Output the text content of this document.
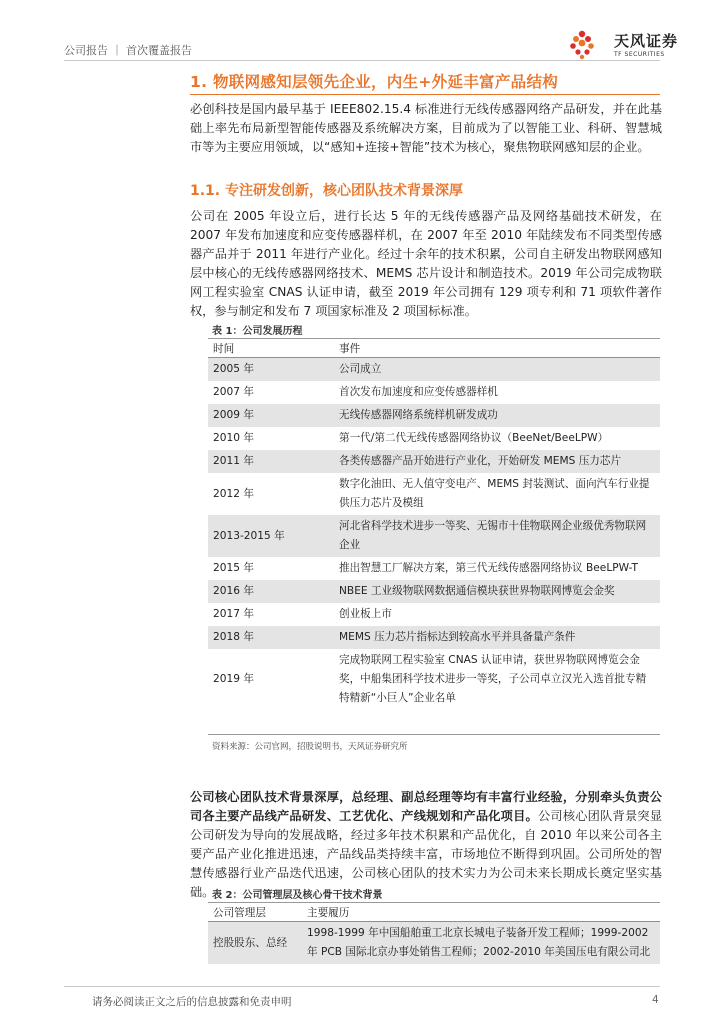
公司报告 ｜ 首次覆盖报告
天风证券
TF SECURITIES
1. 物联网感知层领先企业，内生+外延丰富产品结构

必创科技是国内最早基于 IEEE802.15.4 标准进行无线传感器网络产品研发，并在此基础上率先布局新型智能传感器及系统解决方案，目前成为了以智能工业、科研、智慧城市等为主要应用领域，以“感知+连接+智能”技术为核心，聚焦物联网感知层的企业。

1.1. 专注研发创新，核心团队技术背景深厚

公司在 2005 年设立后，进行长达 5 年的无线传感器产品及网络基础技术研发，在 2007 年发布加速度和应变传感器样机，在 2007 年至 2010 年陆续发布不同类型传感器产品并于 2011 年进行产业化。经过十余年的技术积累，公司自主研发出物联网感知层中核心的无线传感器网络技术、MEMS 芯片设计和制造技术。2019 年公司完成物联网工程实验室 CNAS 认证申请，截至 2019 年公司拥有 129 项专利和 71 项软件著作权，参与制定和发布 7 项国家标准及 2 项国标标准。

表 1：公司发展历程
时间	事件
2005 年	公司成立
2007 年	首次发布加速度和应变传感器样机
2009 年	无线传感器网络系统样机研发成功
2010 年	第一代/第二代无线传感器网络协议（BeeNet/BeeLPW）
2011 年	各类传感器产品开始进行产业化，开始研发 MEMS 压力芯片
2012 年	数字化油田、无人值守变电产、MEMS 封装测试、面向汽车行业提供压力芯片及模组
2013-2015 年	河北省科学技术进步一等奖、无锡市十佳物联网企业级优秀物联网企业
2015 年	推出智慧工厂解决方案，第三代无线传感器网络协议 BeeLPW-T
2016 年	NBEE 工业级物联网数据通信模块获世界物联网博览会金奖
2017 年	创业板上市
2018 年	MEMS 压力芯片指标达到较高水平并具备量产条件
2019 年	完成物联网工程实验室 CNAS 认证申请，获世界物联网博览会金奖，中船集团科学技术进步一等奖，子公司卓立汉光入选首批专精特精新“小巨人”企业名单
资料来源：公司官网，招股说明书，天风证券研究所

公司核心团队技术背景深厚，总经理、副总经理等均有丰富行业经验，分别牵头负责公司各主要产品线产品研发、工艺优化、产线规划和产品化项目。公司核心团队背景突显公司研发为导向的发展战略，经过多年技术积累和产品优化，自 2010 年以来公司各主要产品产业化推进迅速，产品线品类持续丰富，市场地位不断得到巩固。公司所处的智慧传感器行业产品迭代迅速，公司核心团队的技术实力为公司未来长期成长奠定坚实基础。

表 2：公司管理层及核心骨干技术背景
公司管理层	主要履历
控股股东、总经	1998-1999 年中国船舶重工北京长城电子装备开发工程师；1999-2002 年 PCB 国际北京办事处销售工程师；2002-2010 年美国压电有限公司北
请务必阅读正文之后的信息披露和免责申明	4
